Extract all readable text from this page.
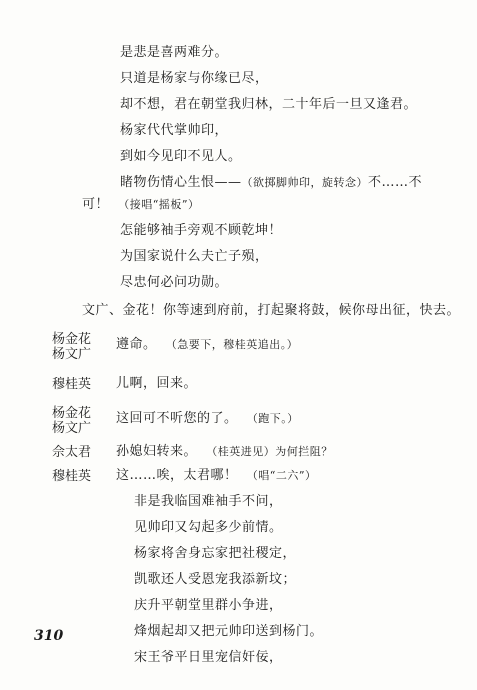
是悲是喜两难分。
只道是杨家与你缘已尽，
却不想，君在朝堂我归林，二十年后一旦又逢君。
杨家代代掌帅印，
到如今见印不见人。
睹物伤情心生恨——（欲掷脚帅印，旋转念）不……不
可！ （接唱“摇板”）
怎能够袖手旁观不顾乾坤！
为国家说什么夫亡子殒，
尽忠何必问功勋。
文广、金花！你等速到府前，打起聚将鼓，候你母出征，快去。
杨金花
杨文广
遵命。 （急要下，穆桂英追出。）
穆桂英 儿啊，回来。
杨金花
杨文广
这回可不听您的了。 （跑下。）
佘太君 孙媳妇转来。 （桂英进见）为何拦阻？
穆桂英 这……唉，太君哪！ （唱“二六”）
非是我临国难袖手不问，
见帅印又勾起多少前情。
杨家将舍身忘家把社稷定，
凯歌还人受恩宠我添新坟；
庆升平朝堂里群小争进，
烽烟起却又把元帅印送到杨门。
宋王爷平日里宠信奸佞，
310
